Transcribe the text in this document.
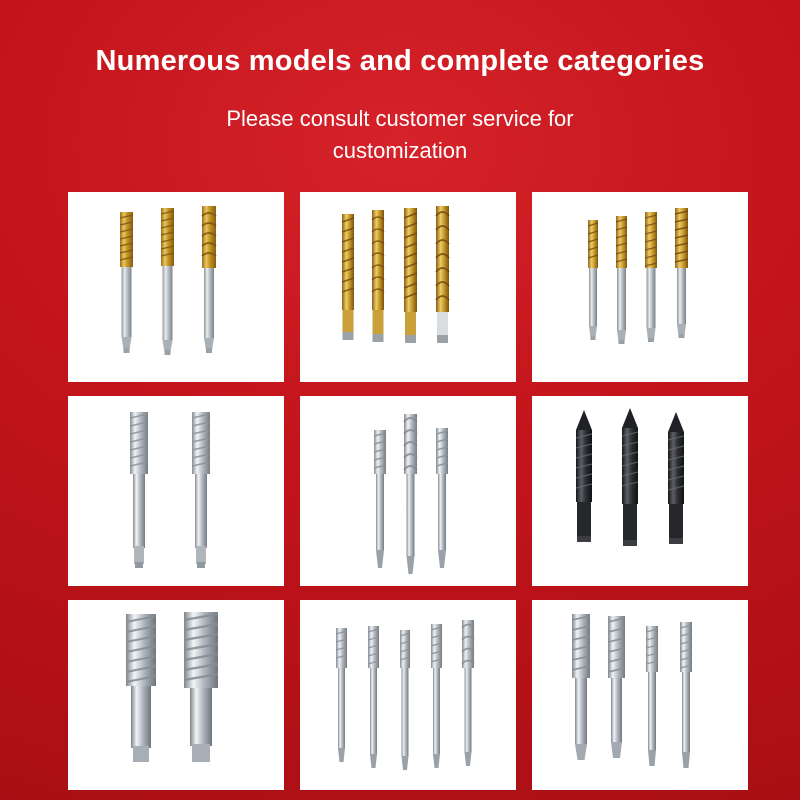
Numerous models and complete categories

Please consult customer service for customization
